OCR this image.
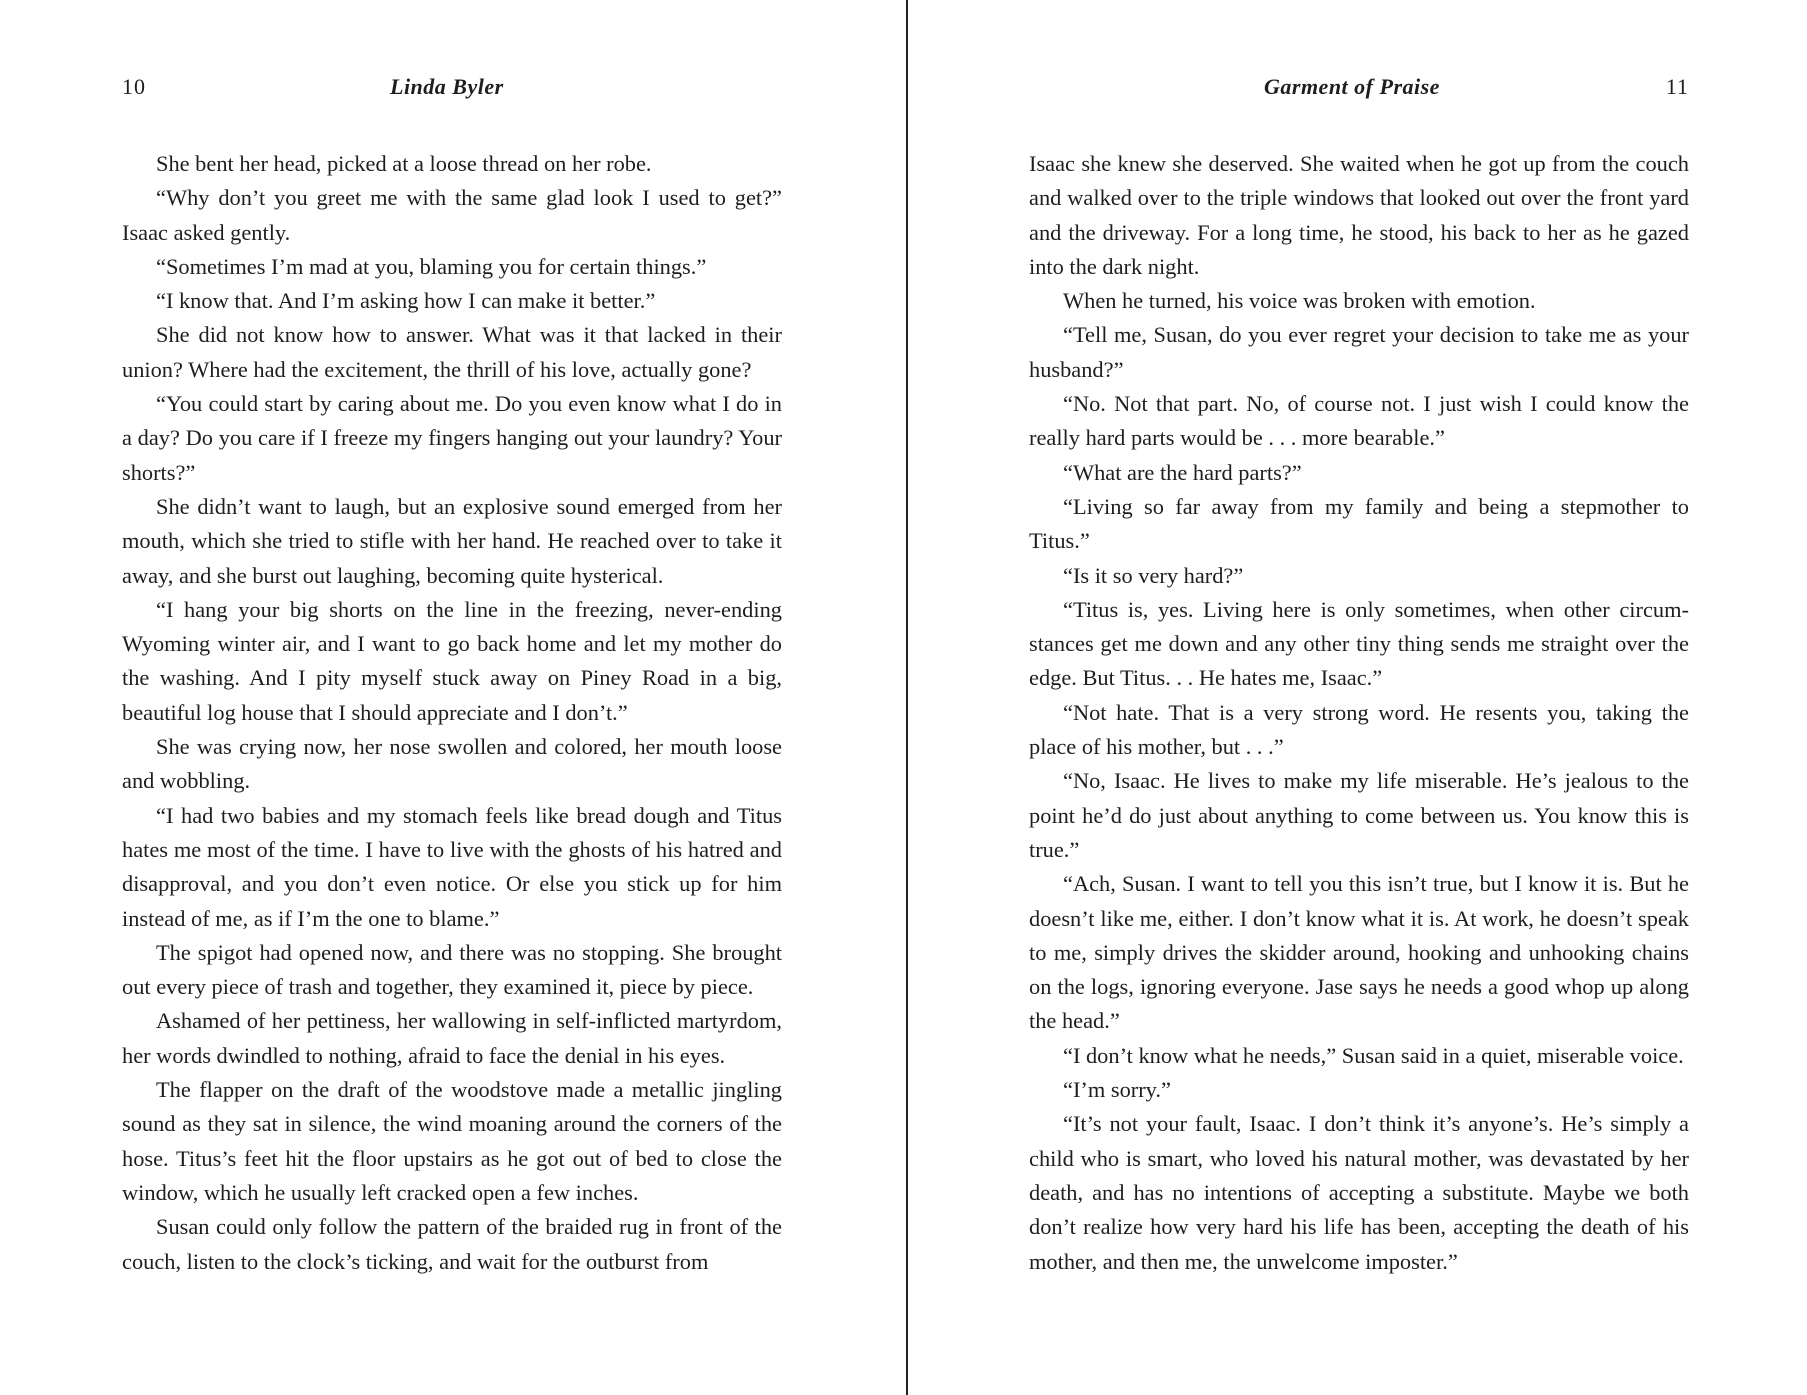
10	Linda Byler

She bent her head, picked at a loose thread on her robe.

“Why don’t you greet me with the same glad look I used to get?” Isaac asked gently.

“Sometimes I’m mad at you, blaming you for certain things.”

“I know that. And I’m asking how I can make it better.”

She did not know how to answer. What was it that lacked in their union? Where had the excitement, the thrill of his love, actually gone?

“You could start by caring about me. Do you even know what I do in a day? Do you care if I freeze my fingers hanging out your laundry? Your shorts?”

She didn’t want to laugh, but an explosive sound emerged from her mouth, which she tried to stifle with her hand. He reached over to take it away, and she burst out laughing, becoming quite hysterical.

“I hang your big shorts on the line in the freezing, never-ending Wyoming winter air, and I want to go back home and let my mother do the washing. And I pity myself stuck away on Piney Road in a big, beautiful log house that I should appreciate and I don’t.”

She was crying now, her nose swollen and colored, her mouth loose and wobbling.

“I had two babies and my stomach feels like bread dough and Titus hates me most of the time. I have to live with the ghosts of his hatred and disapproval, and you don’t even notice. Or else you stick up for him instead of me, as if I’m the one to blame.”

The spigot had opened now, and there was no stopping. She brought out every piece of trash and together, they examined it, piece by piece.

Ashamed of her pettiness, her wallowing in self-inflicted martyrdom, her words dwindled to nothing, afraid to face the denial in his eyes.

The flapper on the draft of the woodstove made a metallic jingling sound as they sat in silence, the wind moaning around the corners of the hose. Titus’s feet hit the floor upstairs as he got out of bed to close the window, which he usually left cracked open a few inches.

Susan could only follow the pattern of the braided rug in front of the couch, listen to the clock’s ticking, and wait for the outburst from

Garment of Praise	11

Isaac she knew she deserved. She waited when he got up from the couch and walked over to the triple windows that looked out over the front yard and the driveway. For a long time, he stood, his back to her as he gazed into the dark night.

When he turned, his voice was broken with emotion.

“Tell me, Susan, do you ever regret your decision to take me as your husband?”

“No. Not that part. No, of course not. I just wish I could know the really hard parts would be . . . more bearable.”

“What are the hard parts?”

“Living so far away from my family and being a stepmother to Titus.”

“Is it so very hard?”

“Titus is, yes. Living here is only sometimes, when other circumstances get me down and any other tiny thing sends me straight over the edge. But Titus. . . He hates me, Isaac.”

“Not hate. That is a very strong word. He resents you, taking the place of his mother, but . . .”

“No, Isaac. He lives to make my life miserable. He’s jealous to the point he’d do just about anything to come between us. You know this is true.”

“Ach, Susan. I want to tell you this isn’t true, but I know it is. But he doesn’t like me, either. I don’t know what it is. At work, he doesn’t speak to me, simply drives the skidder around, hooking and unhooking chains on the logs, ignoring everyone. Jase says he needs a good whop up along the head.”

“I don’t know what he needs,” Susan said in a quiet, miserable voice.

“I’m sorry.”

“It’s not your fault, Isaac. I don’t think it’s anyone’s. He’s simply a child who is smart, who loved his natural mother, was devastated by her death, and has no intentions of accepting a substitute. Maybe we both don’t realize how very hard his life has been, accepting the death of his mother, and then me, the unwelcome imposter.”
